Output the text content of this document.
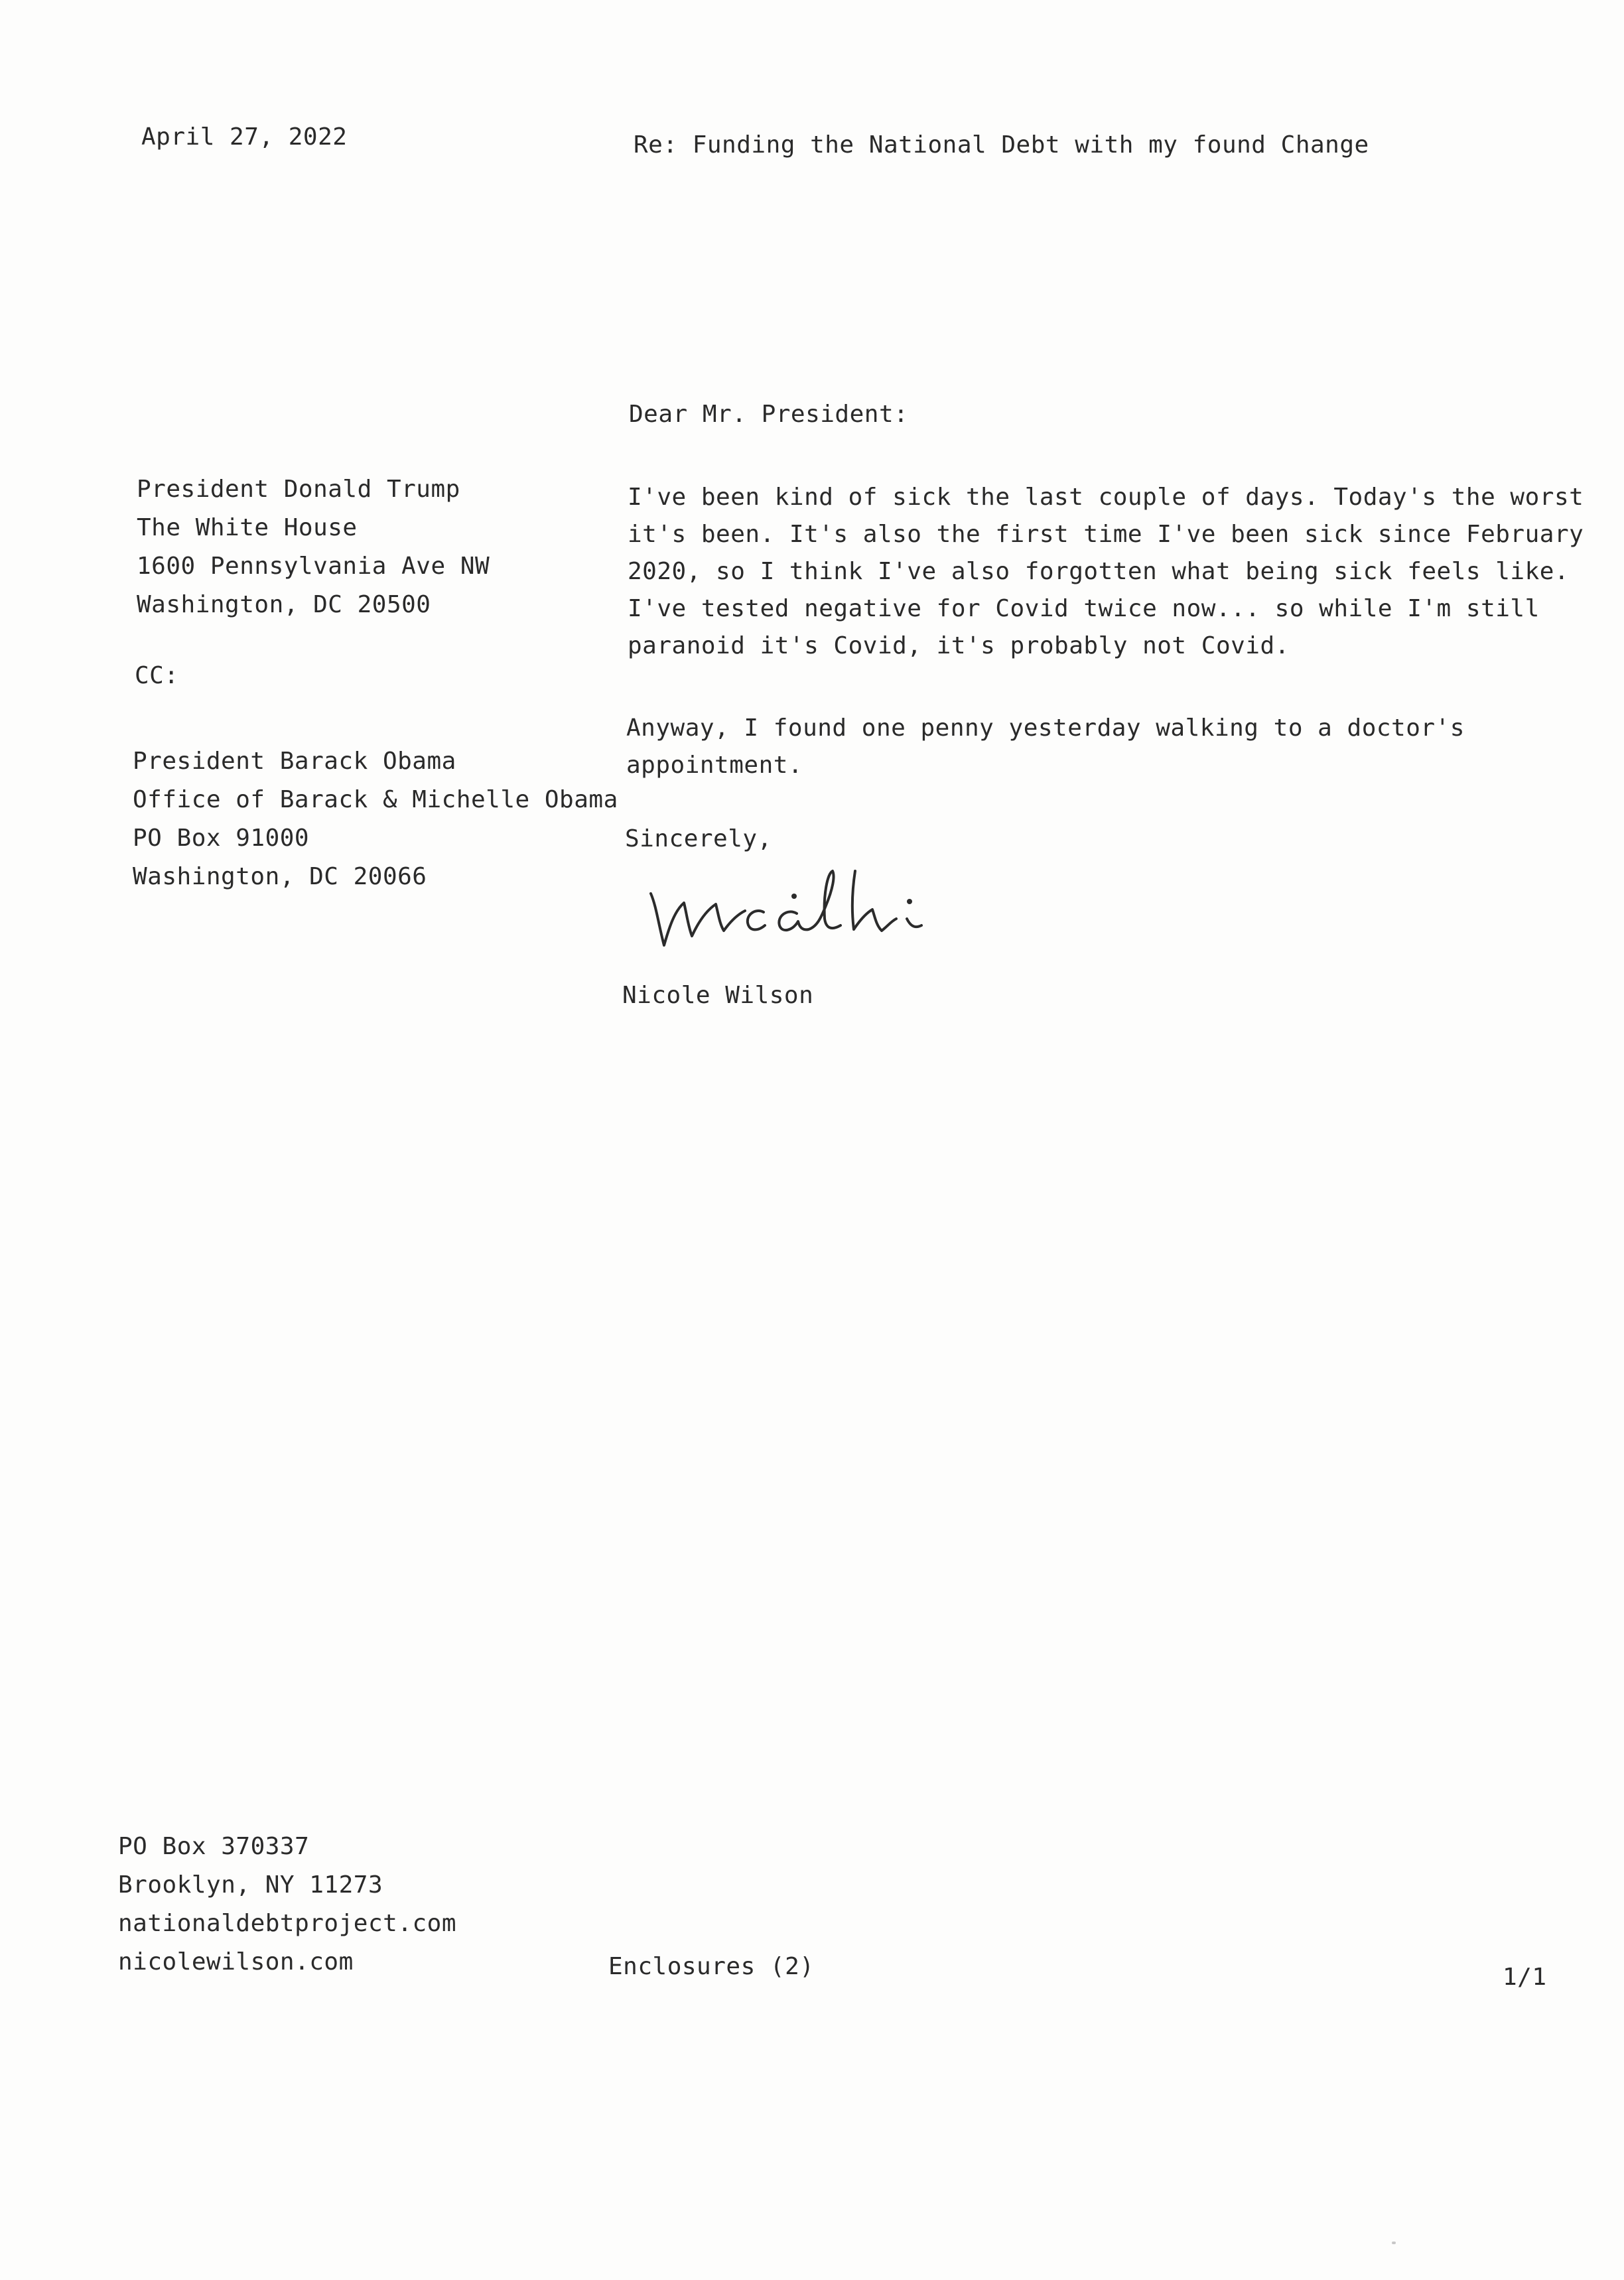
April 27, 2022	Re: Funding the National Debt with my found Change
Dear Mr. President:
President Donald Trump
The White House
1600 Pennsylvania Ave NW
Washington, DC 20500
CC:
President Barack Obama
Office of Barack & Michelle Obama
PO Box 91000
Washington, DC 20066
I've been kind of sick the last couple of days. Today's the worst
it's been. It's also the first time I've been sick since February
2020, so I think I've also forgotten what being sick feels like.
I've tested negative for Covid twice now... so while I'm still
paranoid it's Covid, it's probably not Covid.
Anyway, I found one penny yesterday walking to a doctor's
appointment.
Sincerely,
Nicole Wilson
PO Box 370337
Brooklyn, NY 11273
nationaldebtproject.com
nicolewilson.com	Enclosures (2)	1/1
